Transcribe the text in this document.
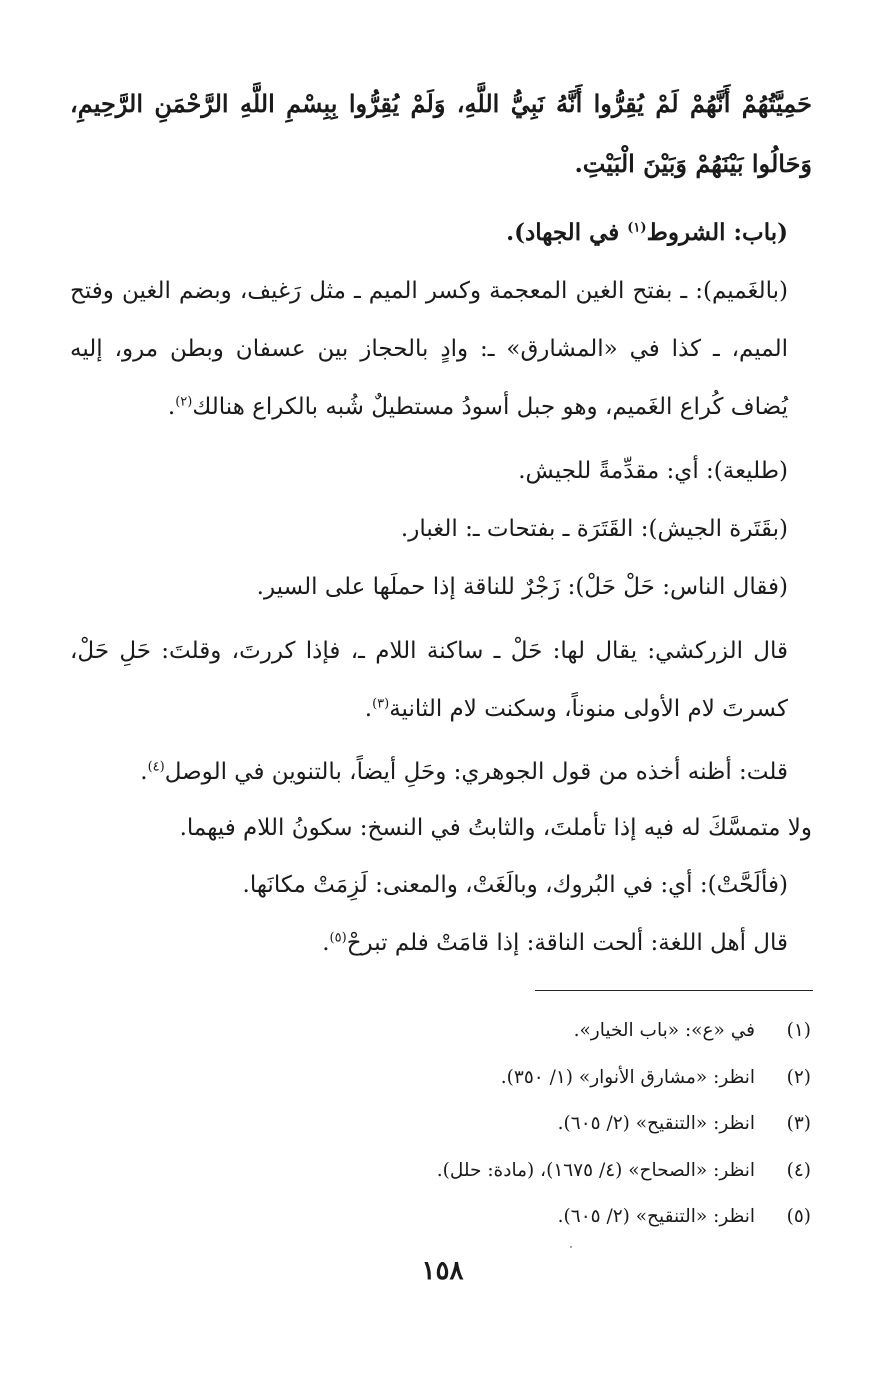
حَمِيَّتُهُمْ أَنَّهُمْ لَمْ يُقِرُّوا أَنَّهُ نَبِيُّ اللَّهِ، وَلَمْ يُقِرُّوا بِبِسْمِ اللَّهِ الرَّحْمَنِ الرَّحِيمِ، وَحَالُوا بَيْنَهُمْ وَبَيْنَ الْبَيْتِ.

(باب: الشروط$^{(١)}$ في الجهاد).

(بالغَميم): ـ بفتح الغين المعجمة وكسر الميم ـ مثل رَغيف، وبضم الغين وفتح الميم، ـ كذا في «المشارق» ـ: وادٍ بالحجاز بين عسفان وبطن مرو، إليه يُضاف كُراع الغَميم، وهو جبل أسودُ مستطيلٌ شُبه بالكراع هنالك$^{(٢)}$.

(طليعة): أي: مقدِّمةً للجيش.

(بقَتَرة الجيش): القَتَرَة ـ بفتحات ـ: الغبار.

(فقال الناس: حَلْ حَلْ): زَجْرٌ للناقة إذا حملَها على السير.

قال الزركشي: يقال لها: حَلْ ـ ساكنة اللام ـ، فإذا كررتَ، وقلتَ: حَلِ حَلْ، كسرتَ لام الأولى منوناً، وسكنت لام الثانية$^{(٣)}$.

قلت: أظنه أخذه من قول الجوهري: وحَلِ أيضاً، بالتنوين في الوصل$^{(٤)}$.

ولا متمسَّكَ له فيه إذا تأملتَ، والثابتُ في النسخ: سكونُ اللام فيهما.

(فألَحَّتْ): أي: في البُروك، وبالَغَتْ، والمعنى: لَزِمَتْ مكانَها.

قال أهل اللغة: ألحت الناقة: إذا قامَتْ فلم تبرحْ$^{(٥)}$.

(١)في «ع»: «باب الخيار».

(٢)انظر: «مشارق الأنوار» (١/ ٣٥٠).

(٣)انظر: «التنقيح» (٢/ ٦٠٥).

(٤)انظر: «الصحاح» (٤/ ١٦٧٥)، (مادة: حلل).

(٥)انظر: «التنقيح» (٢/ ٦٠٥).

١٥٨
